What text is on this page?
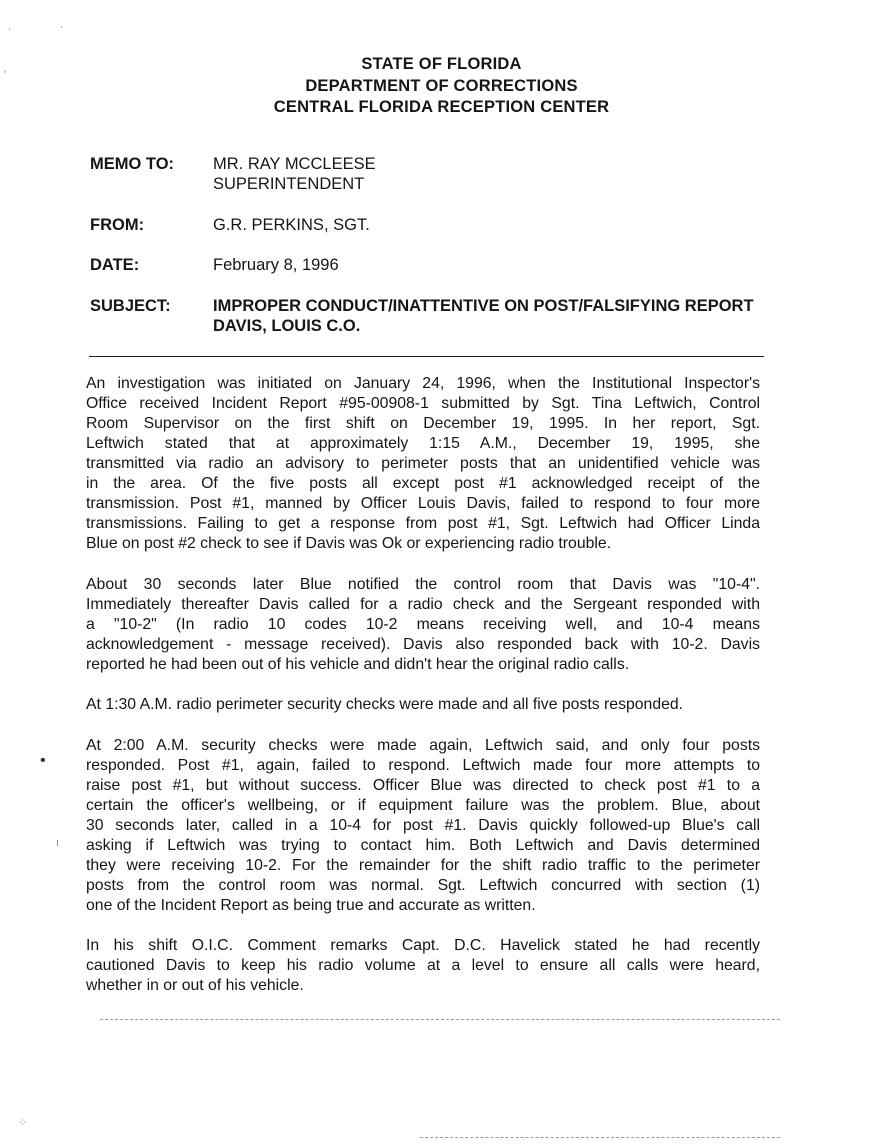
.	.
'
•
ı
⁘
STATE OF FLORIDA
DEPARTMENT OF CORRECTIONS
CENTRAL FLORIDA RECEPTION CENTER
MEMO TO: MR. RAY MCCLEESE
SUPERINTENDENT
FROM:	G.R. PERKINS, SGT.
DATE:	February 8, 1996
SUBJECT:	IMPROPER CONDUCT/INATTENTIVE ON POST/FALSIFYING REPORT
DAVIS, LOUIS C.O.
An investigation was initiated on January 24, 1996, when the Institutional Inspector's
Office received Incident Report #95-00908-1 submitted by Sgt. Tina Leftwich, Control
Room Supervisor on the first shift on December 19, 1995. In her report, Sgt.
Leftwich stated that at approximately 1:15 A.M., December 19, 1995, she
transmitted via radio an advisory to perimeter posts that an unidentified vehicle was
in the area. Of the five posts all except post #1 acknowledged receipt of the
transmission. Post #1, manned by Officer Louis Davis, failed to respond to four more
transmissions. Failing to get a response from post #1, Sgt. Leftwich had Officer Linda
Blue on post #2 check to see if Davis was Ok or experiencing radio trouble.
About 30 seconds later Blue notified the control room that Davis was "10-4".
Immediately thereafter Davis called for a radio check and the Sergeant responded with
a "10-2" (In radio 10 codes 10-2 means receiving well, and 10-4 means
acknowledgement - message received). Davis also responded back with 10-2. Davis
reported he had been out of his vehicle and didn't hear the original radio calls.
At 1:30 A.M. radio perimeter security checks were made and all five posts responded.
At 2:00 A.M. security checks were made again, Leftwich said, and only four posts
responded. Post #1, again, failed to respond. Leftwich made four more attempts to
raise post #1, but without success. Officer Blue was directed to check post #1 to a
certain the officer's wellbeing, or if equipment failure was the problem. Blue, about
30 seconds later, called in a 10-4 for post #1. Davis quickly followed-up Blue's call
asking if Leftwich was trying to contact him. Both Leftwich and Davis determined
they were receiving 10-2. For the remainder for the shift radio traffic to the perimeter
posts from the control room was normal. Sgt. Leftwich concurred with section (1)
one of the Incident Report as being true and accurate as written.
In his shift O.I.C. Comment remarks Capt. D.C. Havelick stated he had recently
cautioned Davis to keep his radio volume at a level to ensure all calls were heard,
whether in or out of his vehicle.
